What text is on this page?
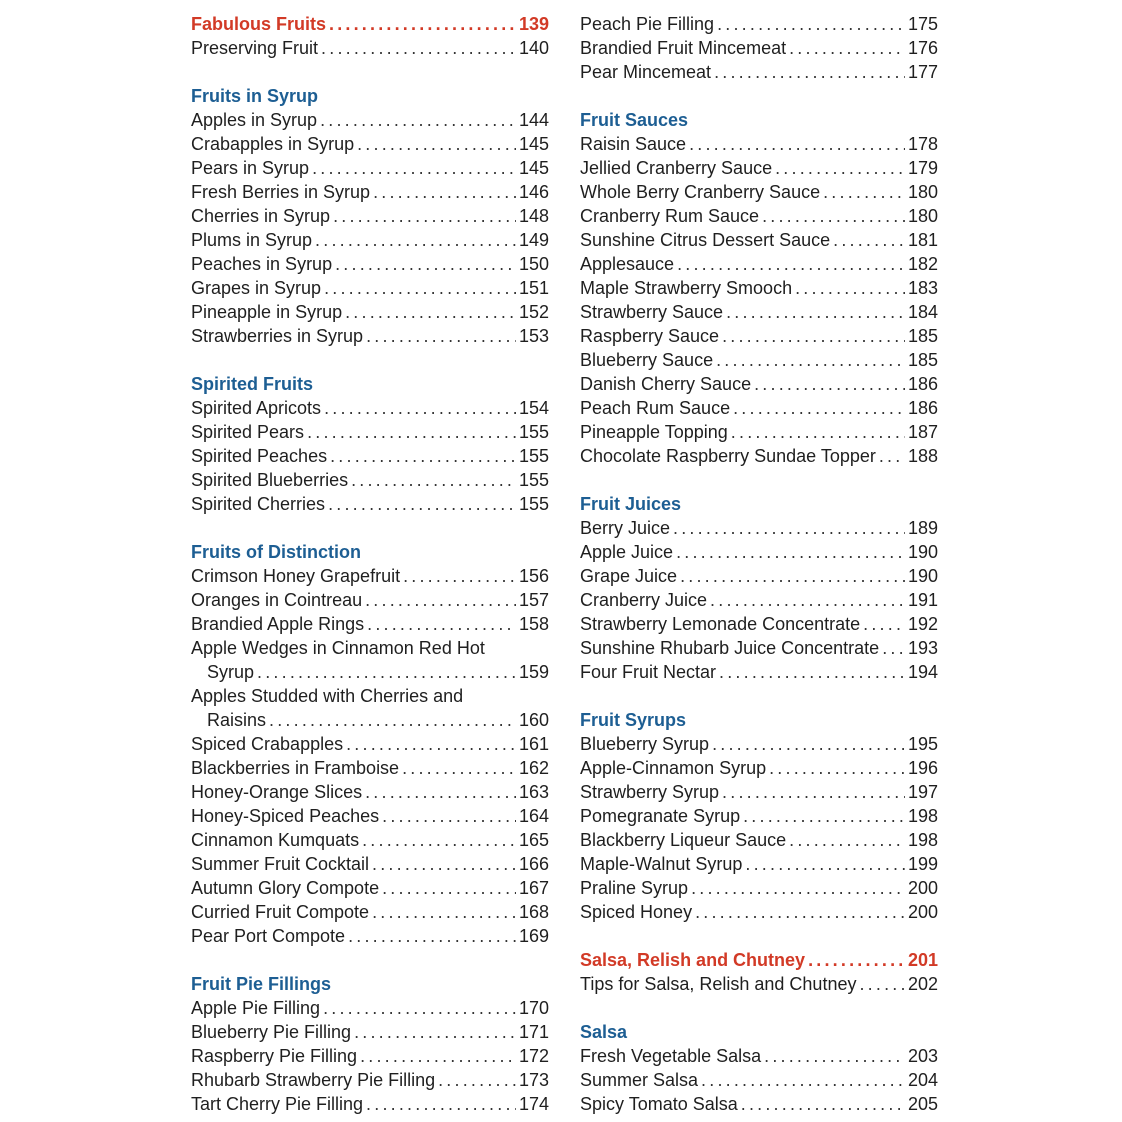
Fabulous Fruits .....	139
Preserving Fruit .....	140
Fruits in Syrup
Apples in Syrup .....	144
Crabapples in Syrup .....	145
Pears in Syrup .....	145
Fresh Berries in Syrup .....	146
Cherries in Syrup .....	148
Plums in Syrup .....	149
Peaches in Syrup .....	150
Grapes in Syrup .....	151
Pineapple in Syrup .....	152
Strawberries in Syrup .....	153
Spirited Fruits
Spirited Apricots .....	154
Spirited Pears .....	155
Spirited Peaches .....	155
Spirited Blueberries .....	155
Spirited Cherries .....	155
Fruits of Distinction
Crimson Honey Grapefruit .....	156
Oranges in Cointreau .....	157
Brandied Apple Rings .....	158
Apple Wedges in Cinnamon Red Hot
Syrup .....	159
Apples Studded with Cherries and
Raisins .....	160
Spiced Crabapples .....	161
Blackberries in Framboise .....	162
Honey-Orange Slices .....	163
Honey-Spiced Peaches .....	164
Cinnamon Kumquats .....	165
Summer Fruit Cocktail .....	166
Autumn Glory Compote .....	167
Curried Fruit Compote .....	168
Pear Port Compote .....	169
Fruit Pie Fillings
Apple Pie Filling .....	170
Blueberry Pie Filling .....	171
Raspberry Pie Filling .....	172
Rhubarb Strawberry Pie Filling .....	173
Tart Cherry Pie Filling .....	174
Peach Pie Filling .....	175
Brandied Fruit Mincemeat .....	176
Pear Mincemeat .....	177
Fruit Sauces
Raisin Sauce .....	178
Jellied Cranberry Sauce .....	179
Whole Berry Cranberry Sauce .....	180
Cranberry Rum Sauce .....	180
Sunshine Citrus Dessert Sauce .....	181
Applesauce .....	182
Maple Strawberry Smooch .....	183
Strawberry Sauce .....	184
Raspberry Sauce .....	185
Blueberry Sauce .....	185
Danish Cherry Sauce .....	186
Peach Rum Sauce .....	186
Pineapple Topping .....	187
Chocolate Raspberry Sundae Topper ..... 188
Fruit Juices
Berry Juice .....	189
Apple Juice .....	190
Grape Juice .....	190
Cranberry Juice .....	191
Strawberry Lemonade Concentrate .....	192
Sunshine Rhubarb Juice Concentrate ..... 193
Four Fruit Nectar .....	194
Fruit Syrups
Blueberry Syrup .....	195
Apple-Cinnamon Syrup .....	196
Strawberry Syrup .....	197
Pomegranate Syrup .....	198
Blackberry Liqueur Sauce .....	198
Maple-Walnut Syrup .....	199
Praline Syrup .....	200
Spiced Honey .....	200
Salsa, Relish and Chutney .....	201
Tips for Salsa, Relish and Chutney .....	202
Salsa
Fresh Vegetable Salsa .....	203
Summer Salsa .....	204
Spicy Tomato Salsa .....	205
